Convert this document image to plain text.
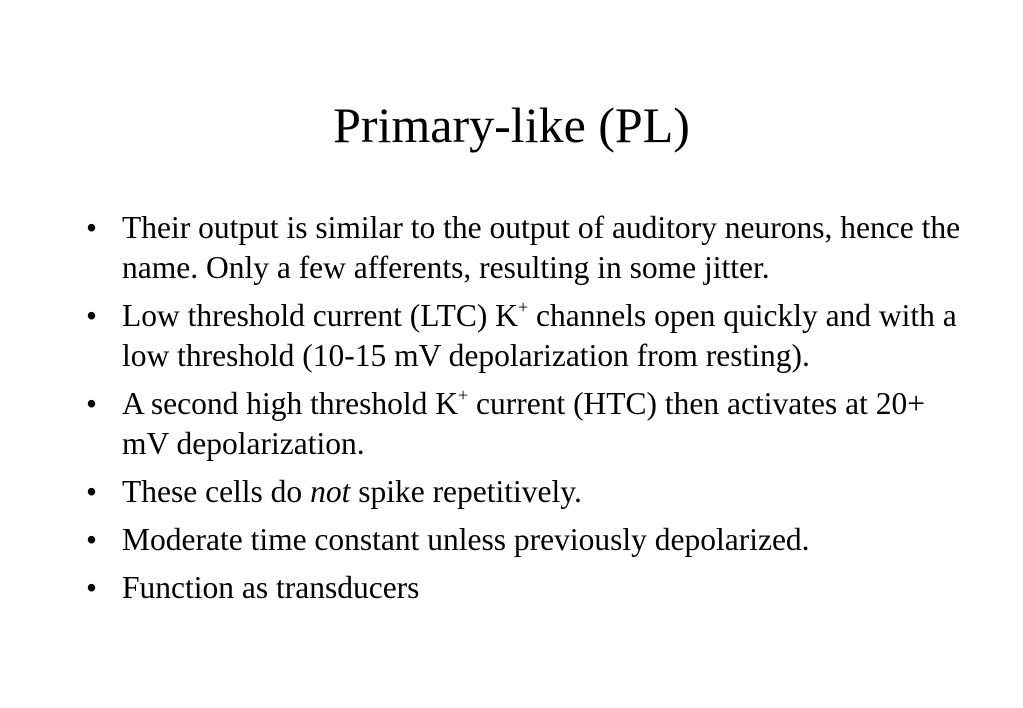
Primary-like (PL)
• Their output is similar to the output of auditory neurons, hence the name. Only a few afferents, resulting in some jitter.
• Low threshold current (LTC) K+ channels open quickly and with a low threshold (10-15 mV depolarization from resting).
• A second high threshold K+ current (HTC) then activates at 20+ mV depolarization.
• These cells do not spike repetitively.
• Moderate time constant unless previously depolarized.
• Function as transducers
